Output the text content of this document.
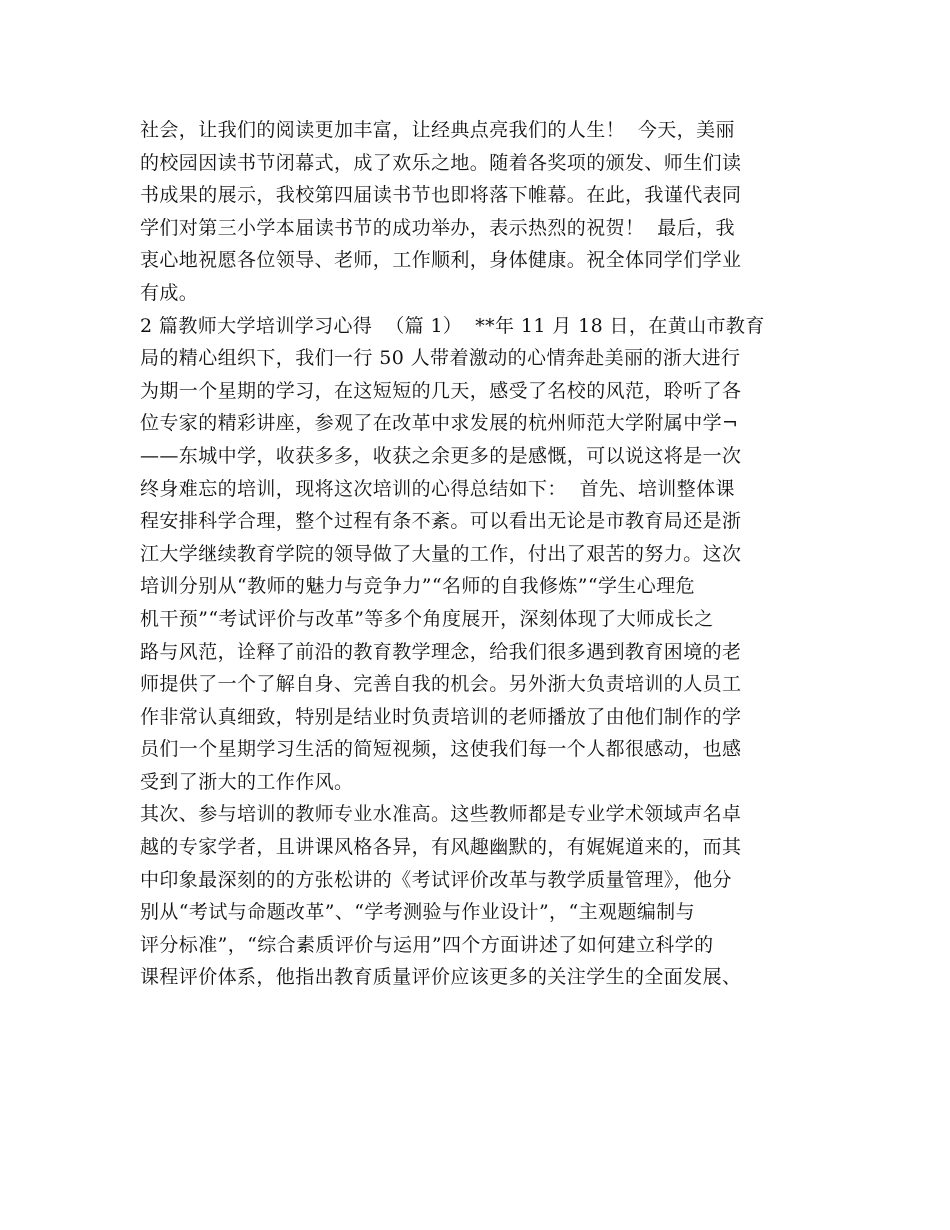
社会，让我们的阅读更加丰富，让经典点亮我们的人生！  今天，美丽
的校园因读书节闭幕式，成了欢乐之地。随着各奖项的颁发、师生们读
书成果的展示，我校第四届读书节也即将落下帷幕。在此，我谨代表同
学们对第三小学本届读书节的成功举办，表示热烈的祝贺！  最后，我
衷心地祝愿各位领导、老师，工作顺利，身体健康。祝全体同学们学业
有成。
2 篇教师大学培训学习心得  （篇 1）  **年 11 月 18 日，在黄山市教育
局的精心组织下，我们一行 50 人带着激动的心情奔赴美丽的浙大进行
为期一个星期的学习，在这短短的几天，感受了名校的风范，聆听了各
位专家的精彩讲座，参观了在改革中求发展的杭州师范大学附属中学¬
——东城中学，收获多多，收获之余更多的是感慨，可以说这将是一次
终身难忘的培训，现将这次培训的心得总结如下：  首先、培训整体课
程安排科学合理，整个过程有条不紊。可以看出无论是市教育局还是浙
江大学继续教育学院的领导做了大量的工作，付出了艰苦的努力。这次
培训分别从“教师的魅力与竞争力”“名师的自我修炼”“学生心理危
机干预”“考试评价与改革”等多个角度展开，深刻体现了大师成长之
路与风范，诠释了前沿的教育教学理念，给我们很多遇到教育困境的老
师提供了一个了解自身、完善自我的机会。另外浙大负责培训的人员工
作非常认真细致，特别是结业时负责培训的老师播放了由他们制作的学
员们一个星期学习生活的简短视频，这使我们每一个人都很感动，也感
受到了浙大的工作作风。
其次、参与培训的教师专业水准高。这些教师都是专业学术领域声名卓
越的专家学者，且讲课风格各异，有风趣幽默的，有娓娓道来的，而其
中印象最深刻的的方张松讲的《考试评价改革与教学质量管理》，他分
别从“考试与命题改革”、“学考测验与作业设计”，“主观题编制与
评分标准”，“综合素质评价与运用”四个方面讲述了如何建立科学的
课程评价体系，他指出教育质量评价应该更多的关注学生的全面发展、
